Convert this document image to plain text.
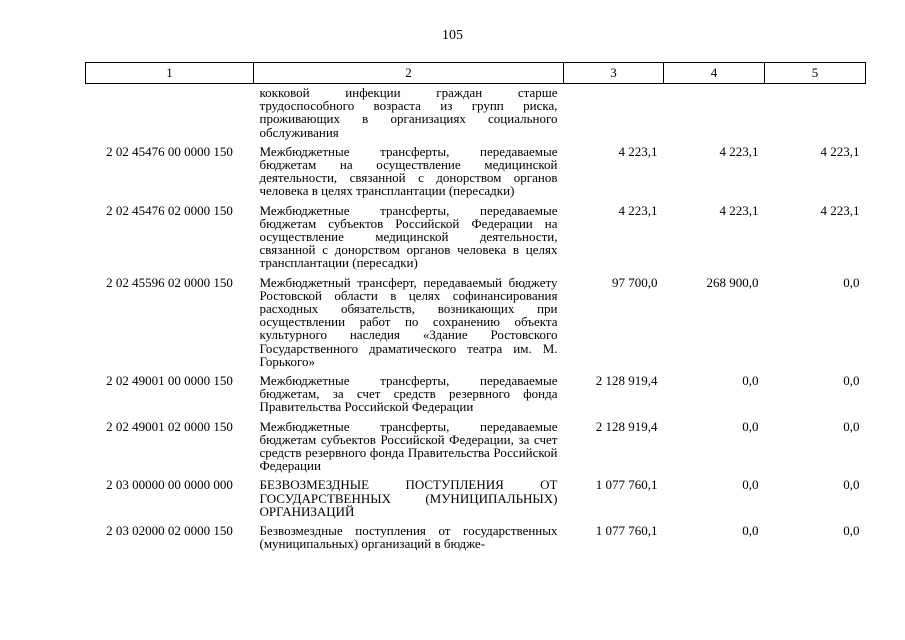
105
1	2	3	4	5
	кокковой инфекции граждан старше трудоспособного возраста из групп риска, проживающих в организациях социального обслуживания			
2 02 45476 00 0000 150	Межбюджетные трансферты, передаваемые бюджетам на осуществление медицинской деятельности, связанной с донорством органов человека в целях трансплантации (пересадки)	4 223,1	4 223,1	4 223,1
2 02 45476 02 0000 150	Межбюджетные трансферты, передаваемые бюджетам субъектов Российской Федерации на осуществление медицинской деятельности, связанной с донорством органов человека в целях трансплантации (пересадки)	4 223,1	4 223,1	4 223,1
2 02 45596 02 0000 150	Межбюджетный трансферт, передаваемый бюджету Ростовской области в целях софинансирования расходных обязательств, возникающих при осуществлении работ по сохранению объекта культурного наследия «Здание Ростовского Государственного драматического театра им. М. Горького»	97 700,0	268 900,0	0,0
2 02 49001 00 0000 150	Межбюджетные трансферты, передаваемые бюджетам, за счет средств резервного фонда Правительства Российской Федерации	2 128 919,4	0,0	0,0
2 02 49001 02 0000 150	Межбюджетные трансферты, передаваемые бюджетам субъектов Российской Федерации, за счет средств резервного фонда Правительства Российской Федерации	2 128 919,4	0,0	0,0
2 03 00000 00 0000 000	БЕЗВОЗМЕЗДНЫЕ ПОСТУПЛЕНИЯ ОТ ГОСУДАРСТВЕННЫХ (МУНИЦИПАЛЬНЫХ) ОРГАНИЗАЦИЙ	1 077 760,1	0,0	0,0
2 03 02000 02 0000 150	Безвозмездные поступления от государственных (муниципальных) организаций в бюдже-	1 077 760,1	0,0	0,0
